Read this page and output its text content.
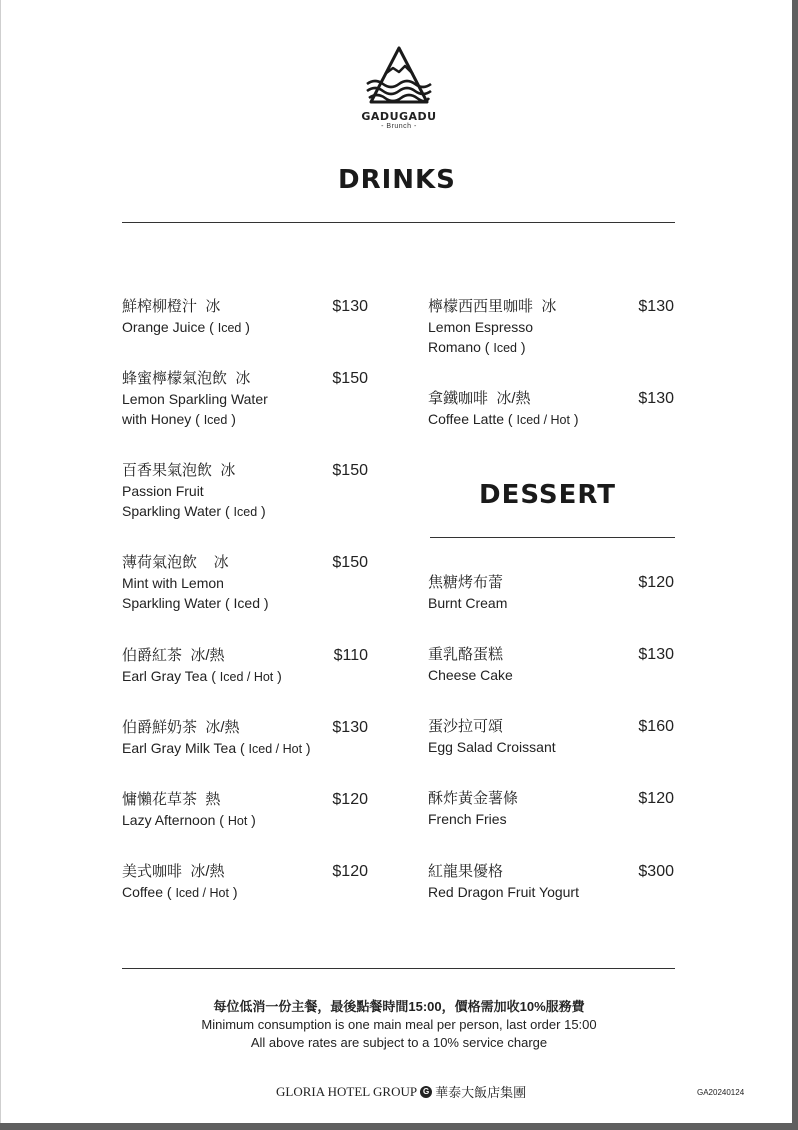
GADUGADU
- Brunch -
DRINKS
鮮榨柳橙汁  冰
Orange Juice ( Iced )
$130
蜂蜜檸檬氣泡飲  冰
Lemon Sparkling Water
with Honey ( Iced )
$150
百香果氣泡飲  冰
Passion Fruit
Sparkling Water ( Iced )
$150
薄荷氣泡飲    冰
Mint with Lemon
Sparkling Water ( Iced )
$150
伯爵紅茶  冰/熱
Earl Gray Tea ( Iced / Hot )
$110
伯爵鮮奶茶  冰/熱
Earl Gray Milk Tea ( Iced / Hot )
$130
慵懶花草茶  熱
Lazy Afternoon ( Hot )
$120
美式咖啡  冰/熱
Coffee ( Iced / Hot )
$120
檸檬西西里咖啡  冰
Lemon Espresso
Romano ( Iced )
$130
拿鐵咖啡  冰/熱
Coffee Latte ( Iced / Hot )
$130
DESSERT
焦糖烤布蕾
Burnt Cream
$120
重乳酪蛋糕
Cheese Cake
$130
蛋沙拉可頌
Egg Salad Croissant
$160
酥炸黃金薯條
French Fries
$120
紅龍果優格
Red Dragon Fruit Yogurt
$300
每位低消一份主餐，最後點餐時間15:00，價格需加收10%服務費
Minimum consumption is one main meal per person, last order 15:00
All above rates are subject to a 10% service charge
GLORIA HOTEL GROUP G 華泰大飯店集團	GA20240124
